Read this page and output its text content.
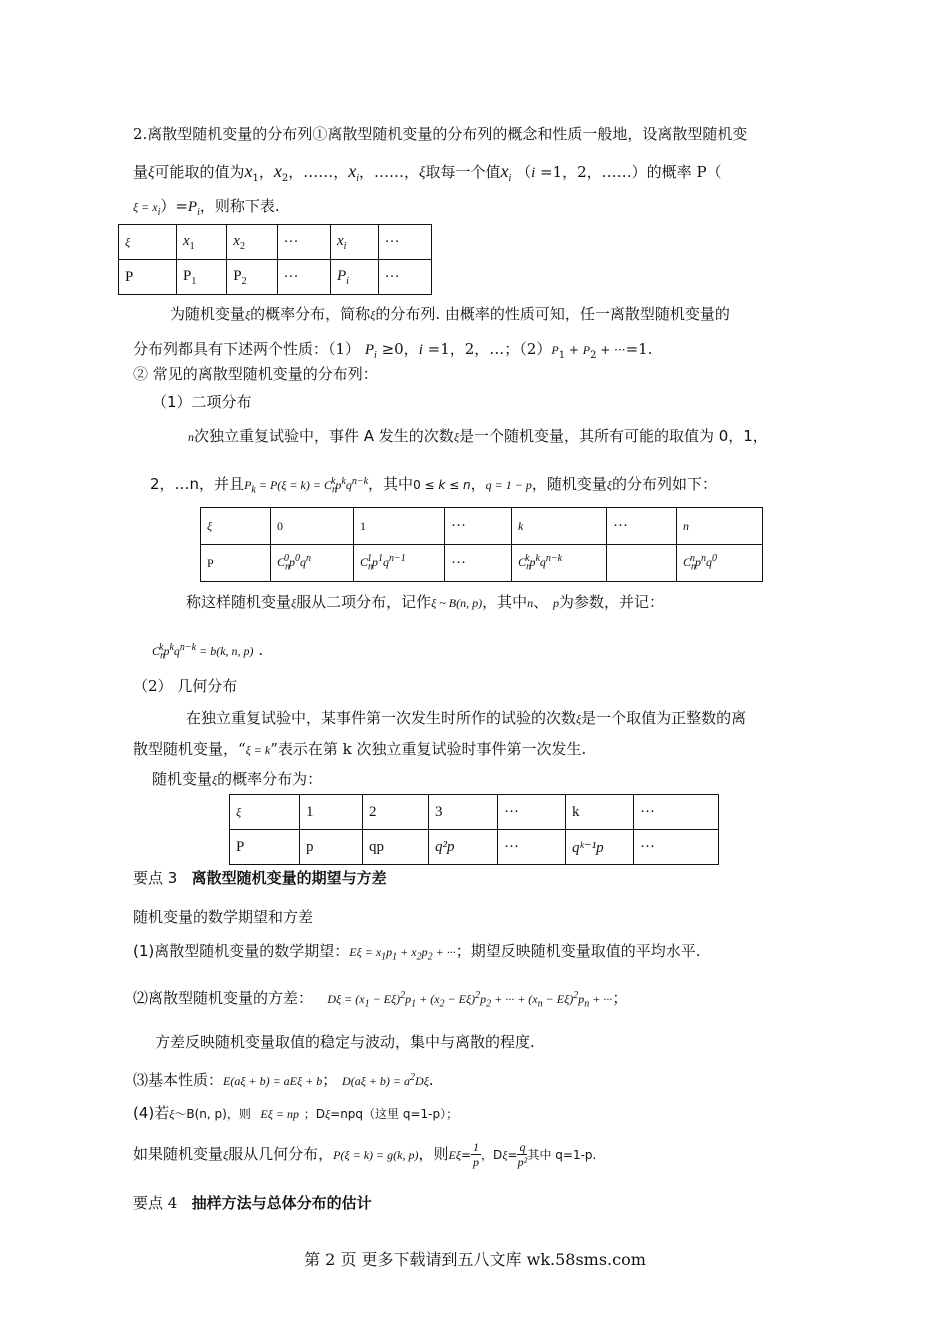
2.离散型随机变量的分布列①离散型随机变量的分布列的概念和性质一般地，设离散型随机变
量ξ可能取的值为$x_1$，$x_2$，……，$x_i$，……，ξ取每一个值$x_i$ （i =1，2，……）的概率 P（
$\xi = x_i)=P_i$，则称下表.
ξ	$x_1$	$x_2$	···	$x_i$	···
P	$P_1$	$P_2$	···	$P_i$	···
为随机变量ξ的概率分布，简称ξ的分布列. 由概率的性质可知，任一离散型随机变量的
分布列都具有下述两个性质：（1） $P_i \ge 0$，i =1，2，…；$(2)P_1 + P_2 + \cdot\cdot\cdot=1$.
② 常见的离散型随机变量的分布列：
（1）二项分布
n次独立重复试验中，事件 A 发生的次数ξ是一个随机变量，其所有可能的取值为 0，1，
2，…n，并且$P_k = P(\xi = k) = C_n^kp^kq^{n-k}$，其中0 ≤ k ≤ n，q = 1 − p，随机变量ξ的分布列如下：
ξ	0	1	···	k	···	n
P	$C_n^0p^0q^n$	$C_n^1p^1q^{n-1}$	···	$C_n^kp^kq^{n-k}$		$C_n^np^nq^0$
称这样随机变量ξ服从二项分布，记作ξ ~ B(n, p)，其中n、 p为参数，并记：
$C_n^kp^kq^{n-k} = b(k$, n, p) .
（2） 几何分布
在独立重复试验中，某事件第一次发生时所作的试验的次数ξ是一个取值为正整数的离
散型随机变量，“ξ = k”表示在第 k 次独立重复试验时事件第一次发生.
随机变量ξ的概率分布为：
ξ	1	2	3	···	k	···
P	p	qp	q²p	···	qᵏ⁻¹p	···
要点 3 离散型随机变量的期望与方差
随机变量的数学期望和方差
(1)离散型随机变量的数学期望：$E\xi = x_1p_1 + x_2p_2$ + ···；期望反映随机变量取值的平均水平.
⑵离散型随机变量的方差： $D\xi = (x_1 - E\xi)^2p_1 + (x_2 - E\xi)^2p_2$ + ··· + $(x_n - E\xi)^2p_n$ + ···；
方差反映随机变量取值的稳定与波动，集中与离散的程度.
⑶基本性质：E(aξ + b) = aEξ + b； $D(a\xi + b) = a^2D\xi$.
(4)若ξ～B(n, p)，则 Eξ = np ；Dξ=npq（这里 q=1-p）；
如果随机变量ξ服从几何分布，P(ξ = k) = g(k, p)，则$E\xi= \frac{1}{p}$ ，$D\xi= \frac{q}{\text{p²}}$ 其中 q=1-p.
要点 4 抽样方法与总体分布的估计
第 2 页 更多下载请到五八文库 wk.58sms.com
